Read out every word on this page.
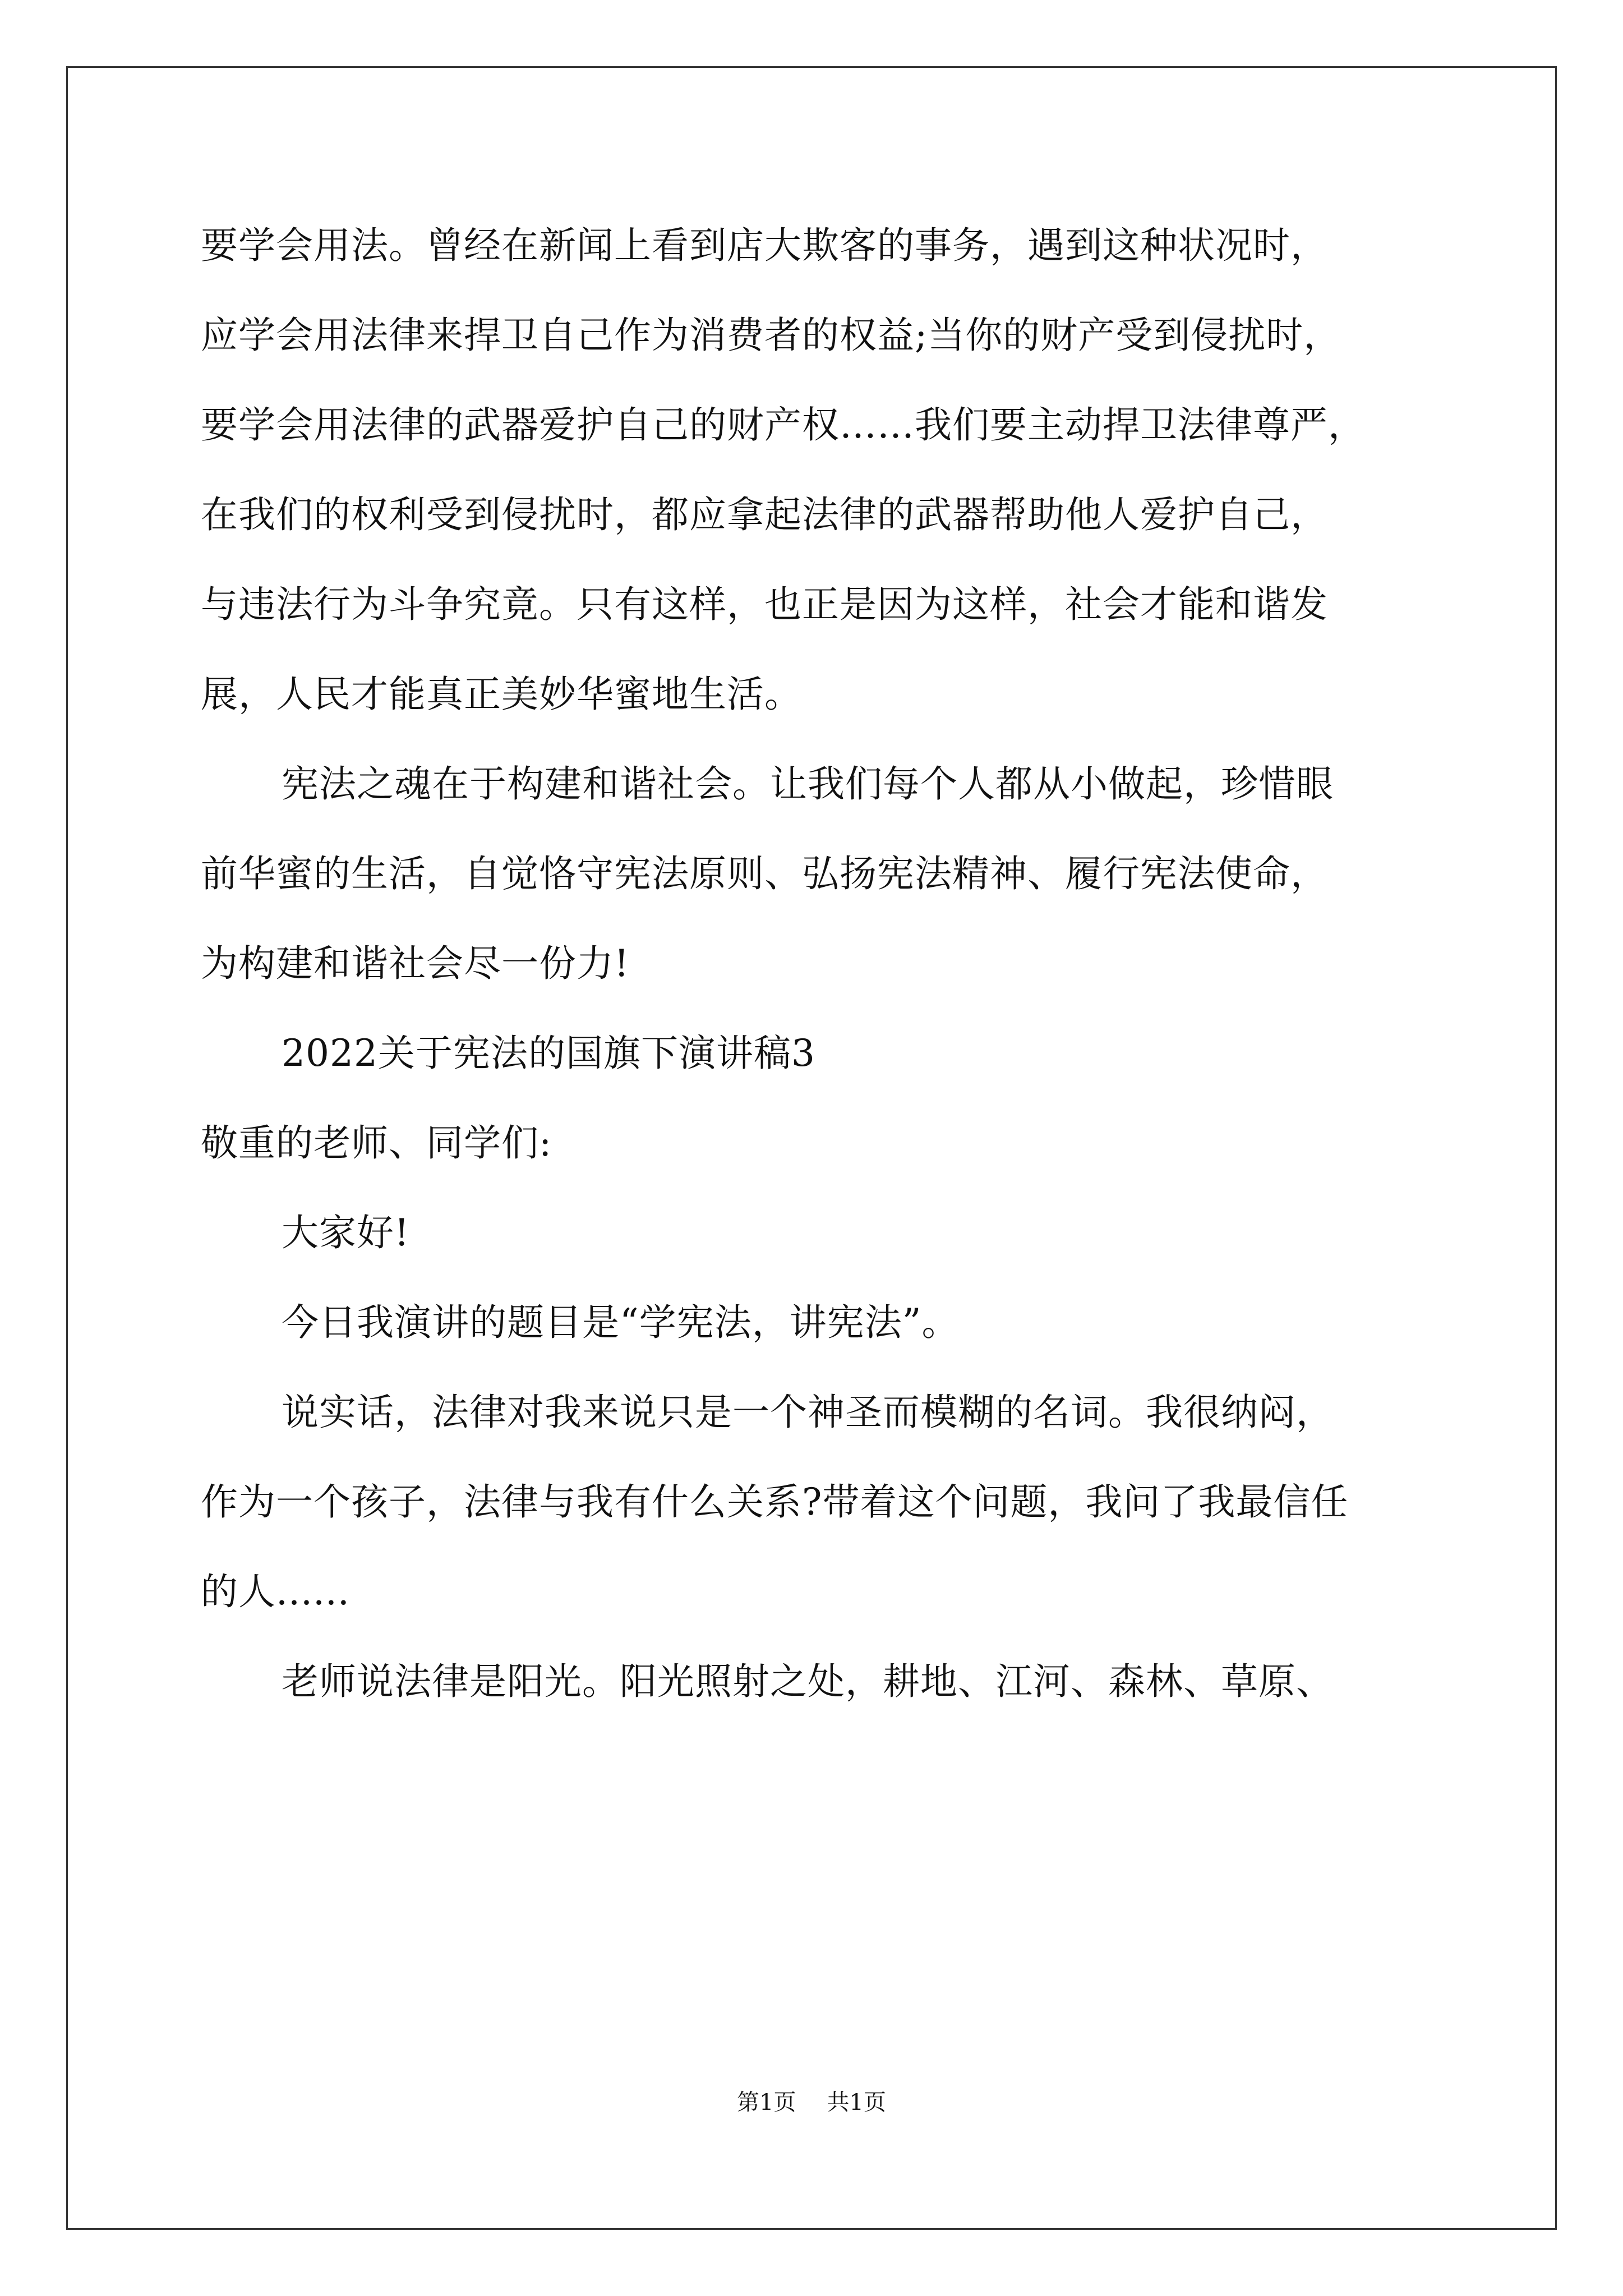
要学会用法。曾经在新闻上看到店大欺客的事务，遇到这种状况时，
应学会用法律来捍卫自己作为消费者的权益;当你的财产受到侵扰时，
要学会用法律的武器爱护自己的财产权……我们要主动捍卫法律尊严，
在我们的权利受到侵扰时，都应拿起法律的武器帮助他人爱护自己，
与违法行为斗争究竟。只有这样，也正是因为这样，社会才能和谐发
展，人民才能真正美妙华蜜地生活。
宪法之魂在于构建和谐社会。让我们每个人都从小做起，珍惜眼
前华蜜的生活，自觉恪守宪法原则、弘扬宪法精神、履行宪法使命，
为构建和谐社会尽一份力!
2022关于宪法的国旗下演讲稿3
敬重的老师、同学们:
大家好!
今日我演讲的题目是“学宪法，讲宪法”。
说实话，法律对我来说只是一个神圣而模糊的名词。我很纳闷，
作为一个孩子，法律与我有什么关系?带着这个问题，我问了我最信任
的人......
老师说法律是阳光。阳光照射之处，耕地、江河、森林、草原、
第1页 共1页
